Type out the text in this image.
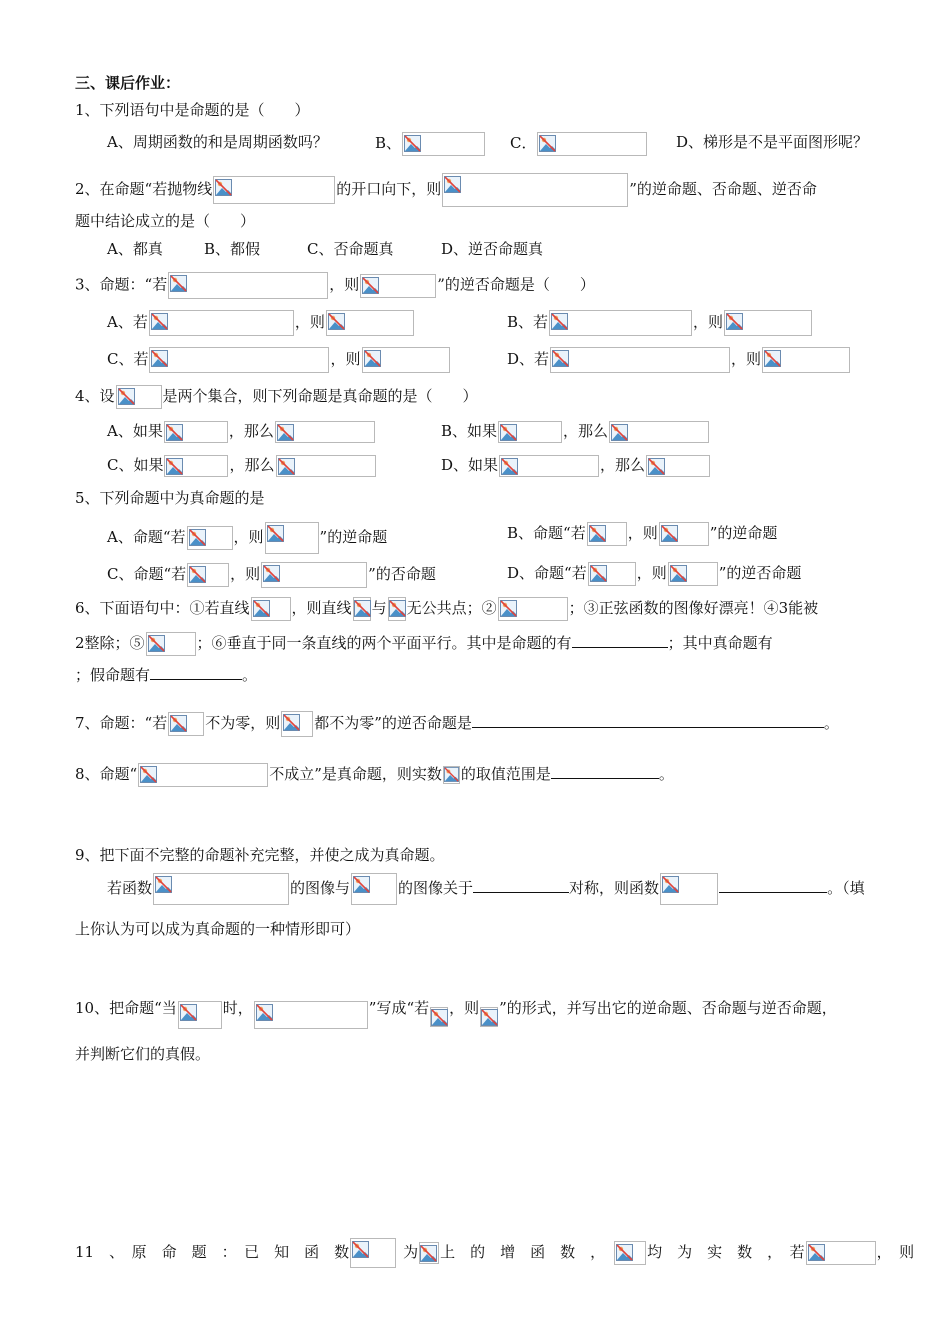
三、课后作业：
1、下列语句中是命题的是（　　）
A、周期函数的和是周期函数吗？	B、	C．	D、梯形是不是平面图形呢？
2、在命题“若抛物线	的开口向下，则	”的逆命题、否命题、逆否命
题中结论成立的是（　　）
A、都真	B、都假	C、否命题真	D、逆否命题真
3、命题：“若	，则	”的逆否命题是（　　）
A、若	，则	B、若	，则
C、若	，则	D、若	，则
4、设	是两个集合，则下列命题是真命题的是（　　）
A、如果	，那么	B、如果	，那么
C、如果	，那么	D、如果	，那么
5、下列命题中为真命题的是
A、命题“若	，则	”的逆命题	B、命题“若	，则	”的逆命题
C、命题“若	，则	”的否命题	D、命题“若	，则	”的逆否命题
6、下面语句中：①若直线	，则直线 与 无公共点；②	；③正弦函数的图像好漂亮！④3能被
2整除；⑤	；⑥垂直于同一条直线的两个平面平行。其中是命题的有	；其中真命题有
；假命题有	。
7、命题：“若	不为零，则 都不为零”的逆否命题是	。
8、命题“	不成立”是真命题，则实数 的取值范围是	。
9、把下面不完整的命题补充完整，并使之成为真命题。
若函数	的图像与	的图像关于	对称，则函数	。（填
上你认为可以成为真命题的一种情形即可）
10、把命题“当	时，	”写成“若 ，则 ”的形式，并写出它的逆命题、否命题与逆否命题，
并判断它们的真假。
11　、　原　命　题　：　已　知　函　数	为 上　的　增　函　数　，	均　为　实　数　，　若	，　则
